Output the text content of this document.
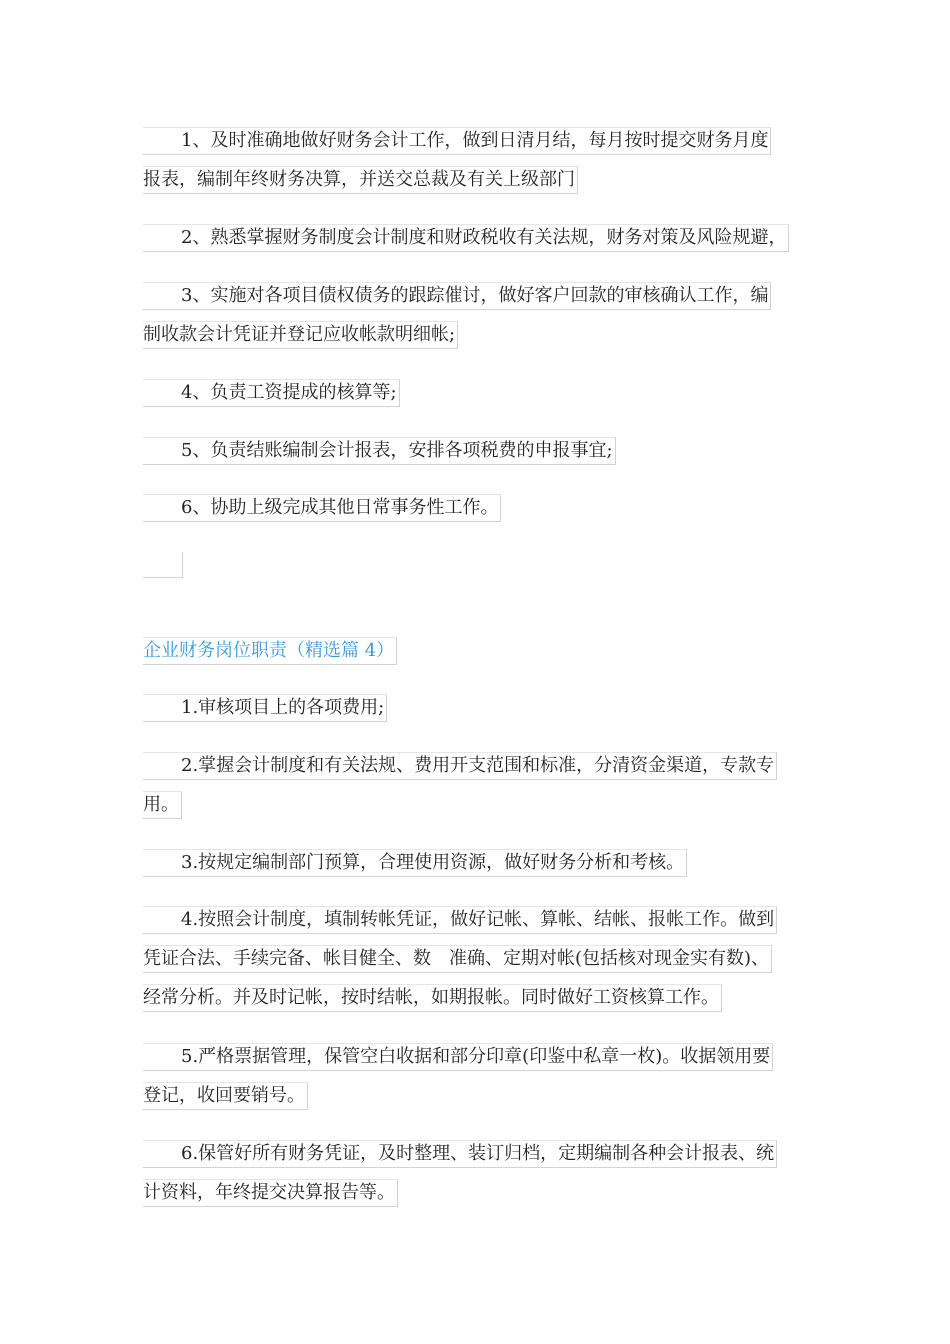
1、及时准确地做好财务会计工作，做到日清月结，每月按时提交财务月度
报表，编制年终财务决算，并送交总裁及有关上级部门
2、熟悉掌握财务制度会计制度和财政税收有关法规，财务对策及风险规避，
3、实施对各项目债权债务的跟踪催讨，做好客户回款的审核确认工作，编
制收款会计凭证并登记应收帐款明细帐;
4、负责工资提成的核算等;
5、负责结账编制会计报表，安排各项税费的申报事宜;
6、协助上级完成其他日常事务性工作。
企业财务岗位职责（精选篇 4）
1.审核项目上的各项费用;
2.掌握会计制度和有关法规、费用开支范围和标准，分清资金渠道，专款专
用。
3.按规定编制部门预算，合理使用资源，做好财务分析和考核。
4.按照会计制度，填制转帐凭证，做好记帐、算帐、结帐、报帐工作。做到
凭证合法、手续完备、帐目健全、数　准确、定期对帐(包括核对现金实有数)、
经常分析。并及时记帐，按时结帐，如期报帐。同时做好工资核算工作。
5.严格票据管理，保管空白收据和部分印章(印鉴中私章一枚)。收据领用要
登记，收回要销号。
6.保管好所有财务凭证，及时整理、装订归档，定期编制各种会计报表、统
计资料，年终提交决算报告等。
